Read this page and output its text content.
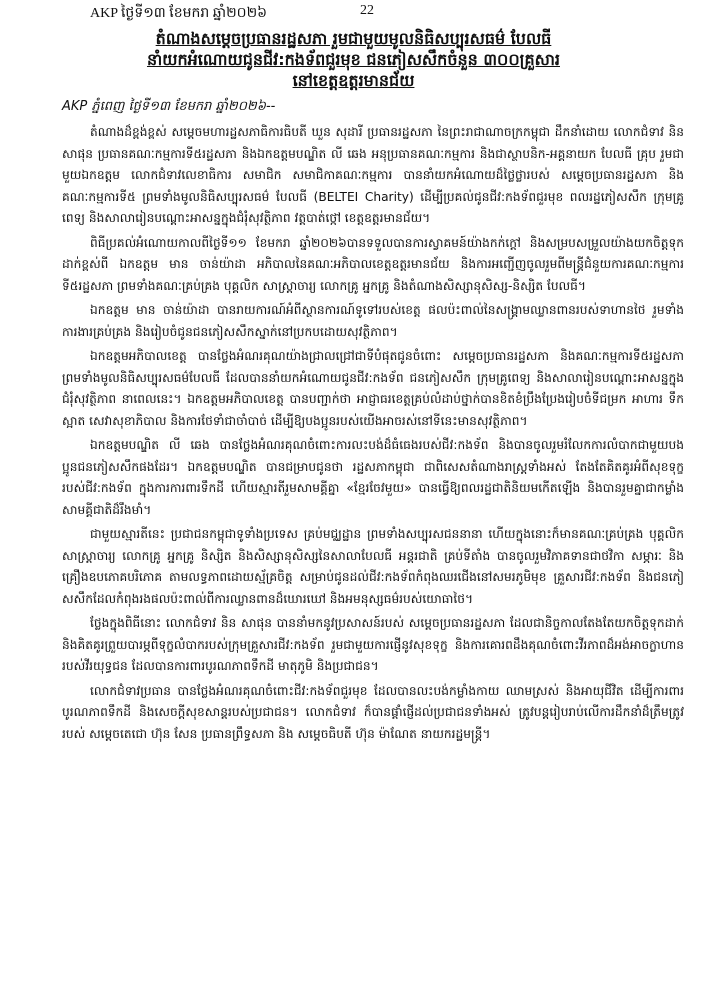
AKP ថ្ងៃទី១៣ ខែមករា ឆ្នាំ២០២៦	22
តំណាងសម្តេចប្រធានរដ្ឋសភា រួមជាមួយមូលនិធិសប្បុរសធម៌ បែលធី
នាំយកអំណោយជូនជីវ:កងទ័ពជួរមុខ ជនភៀសសឹកចំនួន ៣០០គ្រួសារ
នៅខេត្តឧត្តរមានជ័យ
AKP ភ្នំពេញ ថ្ងៃទី១៣ ខែមករា ឆ្នាំ២០២៦--

តំណាងដ៏ខ្ពង់ខ្ពស់ សម្តេចមហារដ្ឋសភាធិការធិបតី ឃួន សុដារី ប្រធានរដ្ឋសភា នៃព្រះរាជាណាចក្រកម្ពុជា ដឹកនាំដោយ លោកជំទាវ និន សាផុន ប្រធានគណៈកម្មការទី៥រដ្ឋសភា និងឯកឧត្តមបណ្ឌិត លី ឆេង អនុប្រធានគណៈកម្មការ និងជាស្ថាបនិក-អគ្គនាយក បែលធី គ្រុប រួមជាមួយឯកឧត្តម លោកជំទាវលេខាធិការ សមាជិក សមាជិកាគណៈកម្មការ បាននាំយកអំណោយដ៏ថ្លៃថ្លារបស់ សម្តេចប្រធានរដ្ឋសភា និងគណៈកម្មការទី៥ ព្រមទាំងមូលនិធិសប្បុរសធម៌ បែលធី (BELTEI Charity) ដើម្បីប្រគល់ជូនជីវ:កងទ័ពជួរមុខ ពលរដ្ឋភៀសសឹក ក្រុមគ្រូពេទ្យ និងសាលារៀនបណ្តោះអាសន្នក្នុងជំរុំសុវត្ថិភាព វត្តបាត់ថ្កៅ ខេត្តឧត្តរមានជ័យ។

ពិធីប្រគល់អំណោយកាលពីថ្ងៃទី១១ ខែមករា ឆ្នាំ២០២៦បានទទួលបានការស្វាគមន៍យ៉ាងកក់ក្តៅ និងសម្របសម្រួលយ៉ាងយកចិត្តទុកដាក់ខ្ពស់ពី ឯកឧត្តម មាន ចាន់យ៉ាដា អភិបាលនៃគណៈអភិបាលខេត្តឧត្តរមានជ័យ និងការអញ្ជើញចូលរួមពីមន្ត្រីជំនួយការគណៈកម្មការទី៥រដ្ឋសភា ព្រមទាំងគណៈគ្រប់គ្រង បុគ្គលិក សាស្ត្រាចារ្យ លោកគ្រូ អ្នកគ្រូ និងតំណាងសិស្សានុសិស្ស-និស្សិត បែលធី។

ឯកឧត្តម មាន ចាន់យ៉ាដា បានរាយការណ៍អំពីស្ថានការណ៍ទូទៅរបស់ខេត្ត ផលប៉ះពាល់នៃសង្គ្រាមឈ្លានពានរបស់ទាហានថៃ រួមទាំងការងារគ្រប់គ្រង និងរៀបចំជូនជនភៀសសឹកស្នាក់នៅប្រកបដោយសុវត្ថិភាព។

ឯកឧត្តមអភិបាលខេត្ត បានថ្លែងអំណរគុណយ៉ាងជ្រាលជ្រៅជាទីបំផុតជូនចំពោះ សម្តេចប្រធានរដ្ឋសភា និងគណៈកម្មការទី៥រដ្ឋសភា ព្រមទាំងមូលនិធិសប្បុរសធម៌បែលធី ដែលបាននាំយកអំណោយជូនជីវ:កងទ័ព ជនភៀសសឹក ក្រុមគ្រូពេទ្យ និងសាលារៀនបណ្តោះអាសន្នក្នុងជំរុំសុវត្ថិភាព នាពេលនេះ។ ឯកឧត្តមអភិបាលខេត្ត បានបញ្ជាក់ថា អាជ្ញាធរខេត្តគ្រប់លំដាប់ថ្នាក់បានខិតខំប្រឹងប្រែងរៀបចំទីជម្រក អាហារ ទឹកស្អាត សេវាសុខាភិបាល និងការថែទាំជាចាំបាច់ ដើម្បីឱ្យបងប្អូនរបស់យើងអាចរស់នៅទីនេះមានសុវត្ថិភាព។

ឯកឧត្តមបណ្ឌិត លី ឆេង បានថ្លែងអំណរគុណចំពោះការលះបង់ដ៏ធំធេងរបស់ជីវ:កងទ័ព និងបានចូលរួមរំលែកការលំបាកជាមួយបងប្អូនជនភៀសសឹកផងដែរ។ ឯកឧត្តមបណ្ឌិត បានជម្រាបជូនថា រដ្ឋសភាកម្ពុជា ជាពិសេសតំណាងរាស្ត្រទាំងអស់ តែងតែគិតគូរអំពីសុខទុក្ខរបស់ជីវ:កងទ័ព ក្នុងការការពារទឹកដី ហើយស្មារតីរួមសាមគ្គីគ្នា «ខ្មែរចែវមួយ» បានធ្វើឱ្យពលរដ្ឋជាតិនិយមកើតឡើង និងបានរួមគ្នាជាកម្លាំងសាមគ្គីជាតិដ៏រឹងមាំ។

ជាមួយស្មារតីនេះ ប្រជាជនកម្ពុជាទូទាំងប្រទេស គ្រប់មជ្ឈដ្ឋាន ព្រមទាំងសប្បុរសជននានា ហើយក្នុងនោះក៏មានគណៈគ្រប់គ្រង បុគ្គលិក សាស្ត្រាចារ្យ លោកគ្រូ អ្នកគ្រូ និស្សិត និងសិស្សានុសិស្សនៃសាលាបែលធី អន្តរជាតិ គ្រប់ទីតាំង បានចូលរួមវិភាគទានជាថវិកា សម្ភារៈ និងគ្រឿងឧបភោគបរិភោគ តាមលទ្ធភាពដោយស្ម័គ្រចិត្ត សម្រាប់ជូនដល់ជីវ:កងទ័ពកំពុងឈរជើងនៅសមរភូមិមុខ គ្រួសារជីវ:កងទ័ព និងជនភៀសសឹកដែលកំពុងរងផលប៉ះពាល់ពីការឈ្លានពានដ៏ឃោរឃៅ និងអមនុស្សធម៌របស់យោធាថៃ។

ថ្លែងក្នុងពិធីនោះ លោកជំទាវ និន សាផុន បាននាំមកនូវប្រសាសន៍របស់ សម្តេចប្រធានរដ្ឋសភា ដែលជានិច្ចកាលតែងតែយកចិត្តទុកដាក់ និងគិតគូរព្រួយបារម្ភពីទុក្ខលំបាករបស់ក្រុមគ្រួសារជីវ:កងទ័ព រួមជាមួយការផ្ញើនូវសុខទុក្ខ និងការគោរពដឹងគុណចំពោះវីរភាពដ៏អង់អាចក្លាហានរបស់វីរយុទ្ធជន ដែលបានការពារបូរណភាពទឹកដី មាតុភូមិ និងប្រជាជន។

លោកជំទាវប្រធាន បានថ្លែងអំណរគុណចំពោះជីវ:កងទ័ពជួរមុខ ដែលបានលះបង់កម្លាំងកាយ ឈាមស្រស់ និងអាយុជីវិត ដើម្បីការពារបូរណភាពទឹកដី និងសេចក្តីសុខសាន្តរបស់ប្រជាជន។ លោកជំទាវ ក៏បានផ្តាំផ្ញើដល់ប្រជាជនទាំងអស់ ត្រូវបន្តរៀបរាប់លើការដឹកនាំដ៏ត្រឹមត្រូវរបស់ សម្តេចតេជោ ហ៊ុន សែន ប្រធានព្រឹទ្ធសភា និង សម្តេចធិបតី ហ៊ុន ម៉ាណែត នាយករដ្ឋមន្ត្រី។
